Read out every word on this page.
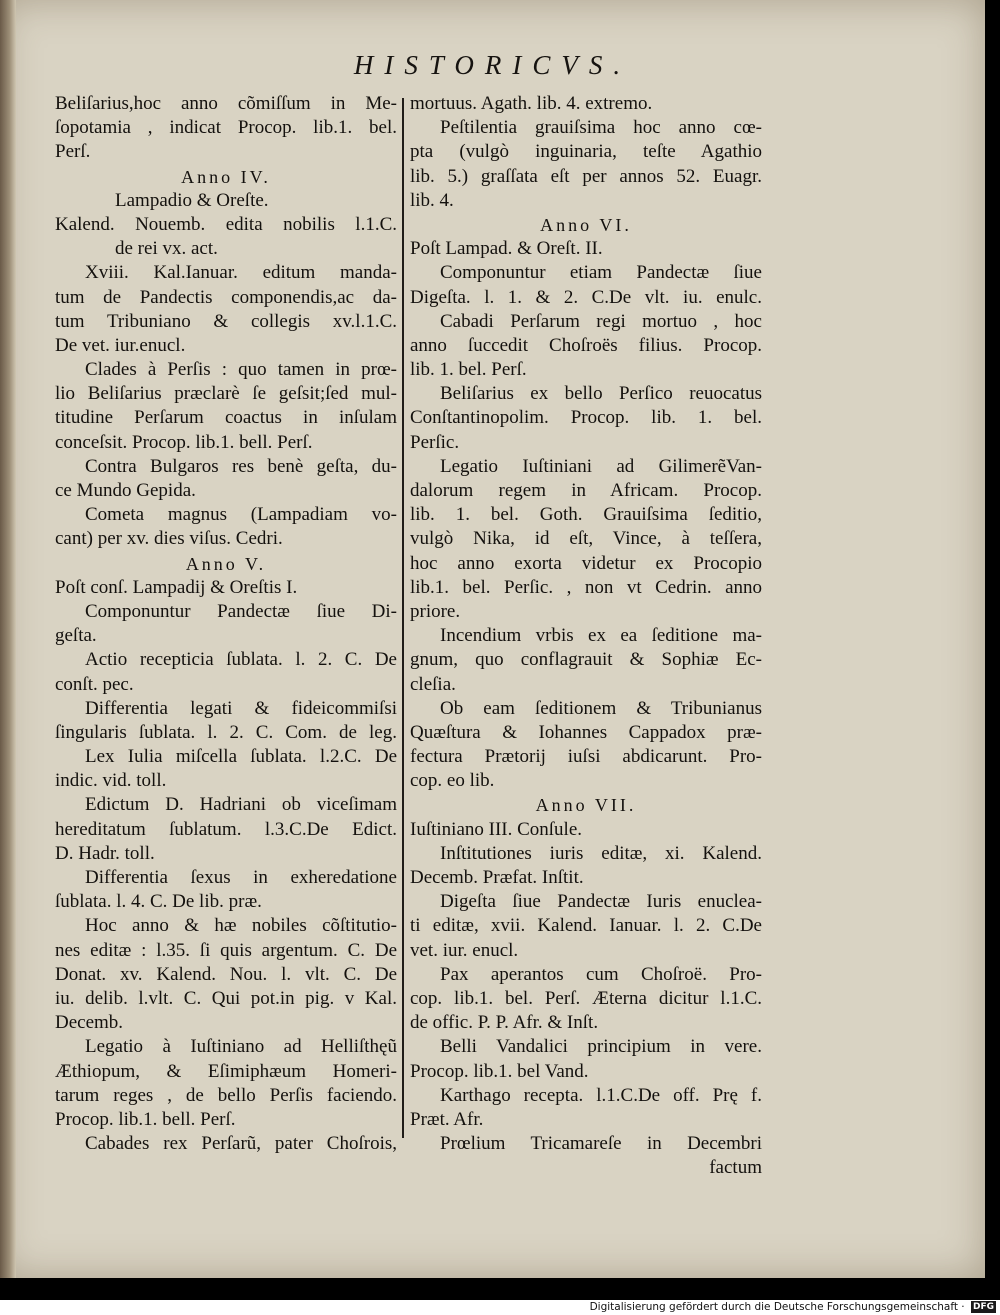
HISTORICVS.
Beliſarius,hoc anno cõmiſſum in Me-
ſopotamia , indicat Procop. lib.1. bel.
Perſ.
Anno IV.
Lampadio & Oreſte.
Kalend. Nouemb. edita nobilis l.1.C.
de rei vx. act.
Xviii. Kal.Ianuar. editum manda-
tum de Pandectis componendis,ac da-
tum Tribuniano & collegis xv.l.1.C.
De vet. iur.enucl.
Clades à Perſis : quo tamen in prœ-
lio Beliſarius præclarè ſe geſsit;ſed mul-
titudine Perſarum coactus in inſulam
conceſsit. Procop. lib.1. bell. Perſ.
Contra Bulgaros res benè geſta, du-
ce Mundo Gepida.
Cometa magnus (Lampadiam vo-
cant) per xv. dies viſus. Cedri.
Anno V.
Poſt conſ. Lampadij & Oreſtis I.
Componuntur Pandectæ ſiue Di-
geſta.
Actio recepticia ſublata. l. 2. C. De
conſt. pec.
Differentia legati & fideicommiſsi
ſingularis ſublata. l. 2. C. Com. de leg.
Lex Iulia miſcella ſublata. l.2.C. De
indic. vid. toll.
Edictum D. Hadriani ob viceſimam
hereditatum ſublatum. l.3.C.De Edict.
D. Hadr. toll.
Differentia ſexus in exheredatione
ſublata. l. 4. C. De lib. præ.
Hoc anno & hæ nobiles cõſtitutio-
nes editæ : l.35. ſi quis argentum. C. De
Donat. xv. Kalend. Nou. l. vlt. C. De
iu. delib. l.vlt. C. Qui pot.in pig. v Kal.
Decemb.
Legatio à Iuſtiniano ad Helliſthęũ
Æthiopum, & Eſimiphæum Homeri-
tarum reges , de bello Perſis faciendo.
Procop. lib.1. bell. Perſ.
Cabades rex Perſarũ, pater Choſrois,
mortuus. Agath. lib. 4. extremo.
Peſtilentia grauiſsima hoc anno cœ-
pta (vulgò inguinaria, teſte Agathio
lib. 5.) graſſata eſt per annos 52. Euagr.
lib. 4.
Anno VI.
Poſt Lampad. & Oreſt. II.
Componuntur etiam Pandectæ ſiue
Digeſta. l. 1. & 2. C.De vlt. iu. enulc.
Cabadi Perſarum regi mortuo , hoc
anno ſuccedit Choſroës filius. Procop.
lib. 1. bel. Perſ.
Beliſarius ex bello Perſico reuocatus
Conſtantinopolim. Procop. lib. 1. bel.
Perſic.
Legatio Iuſtiniani ad GilimerẽVan-
dalorum regem in Africam. Procop.
lib. 1. bel. Goth. Grauiſsima ſeditio,
vulgò Nika, id eſt, Vince, à teſſera,
hoc anno exorta videtur ex Procopio
lib.1. bel. Perſic. , non vt Cedrin. anno
priore.
Incendium vrbis ex ea ſeditione ma-
gnum, quo conflagrauit & Sophiæ Ec-
cleſia.
Ob eam ſeditionem & Tribunianus
Quæſtura & Iohannes Cappadox præ-
fectura Prætorij iuſsi abdicarunt. Pro-
cop. eo lib.
Anno VII.
Iuſtiniano III. Conſule.
Inſtitutiones iuris editæ, xi. Kalend.
Decemb. Præfat. Inſtit.
Digeſta ſiue Pandectæ Iuris enuclea-
ti editæ, xvii. Kalend. Ianuar. l. 2. C.De
vet. iur. enucl.
Pax aperantos cum Choſroë. Pro-
cop. lib.1. bel. Perſ. Æterna dicitur l.1.C.
de offic. P. P. Afr. & Inſt.
Belli Vandalici principium in vere.
Procop. lib.1. bel Vand.
Karthago recepta. l.1.C.De off. Prę f.
Præt. Afr.
Prœlium Tricamareſe in Decembri
factum
Digitalisierung gefördert durch die Deutsche Forschungsgemeinschaft · DFG
